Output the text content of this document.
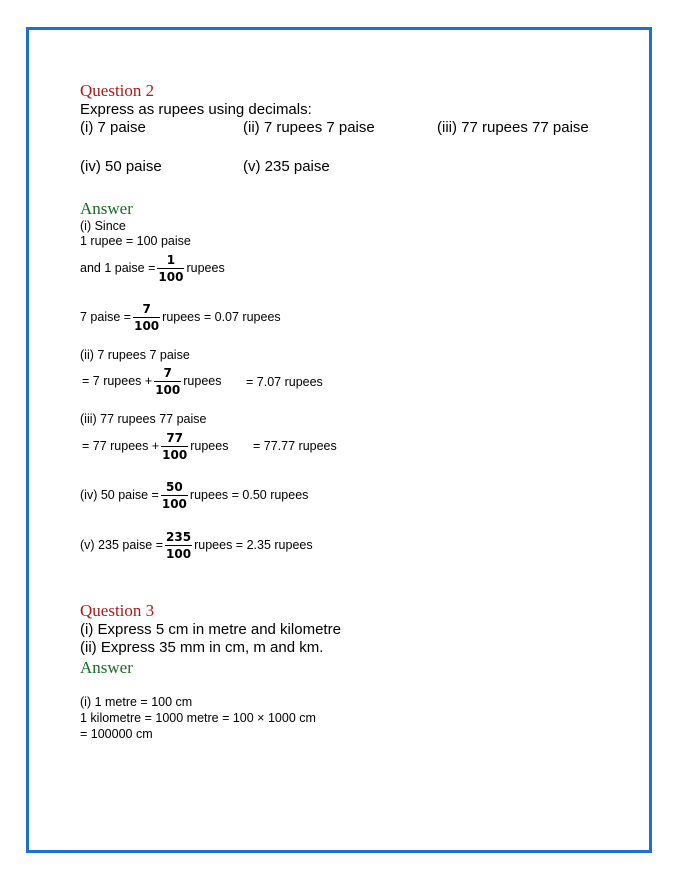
Question 2
Express as rupees using decimals:
(i) 7 paise	(ii) 7 rupees 7 paise	(iii) 77 rupees 77 paise
(iv) 50 paise	(v) 235 paise
Answer
(i) Since
1 rupee = 100 paise
and 1 paise = $\frac{1}{100}$ rupees
7 paise = $\frac{7}{100}$ rupees = 0.07 rupees
(ii) 7 rupees 7 paise
= 7 rupees + $\frac{7}{100}$ rupees = 7.07 rupees
(iii) 77 rupees 77 paise
= 77 rupees + $\frac{77}{100}$ rupees = 77.77 rupees
(iv) 50 paise = $\frac{50}{100}$ rupees = 0.50 rupees
(v) 235 paise = $\frac{235}{100}$ rupees = 2.35 rupees
Question 3
(i) Express 5 cm in metre and kilometre
(ii) Express 35 mm in cm, m and km.
Answer
(i) 1 metre = 100 cm
1 kilometre = 1000 metre = 100 × 1000 cm
= 100000 cm
